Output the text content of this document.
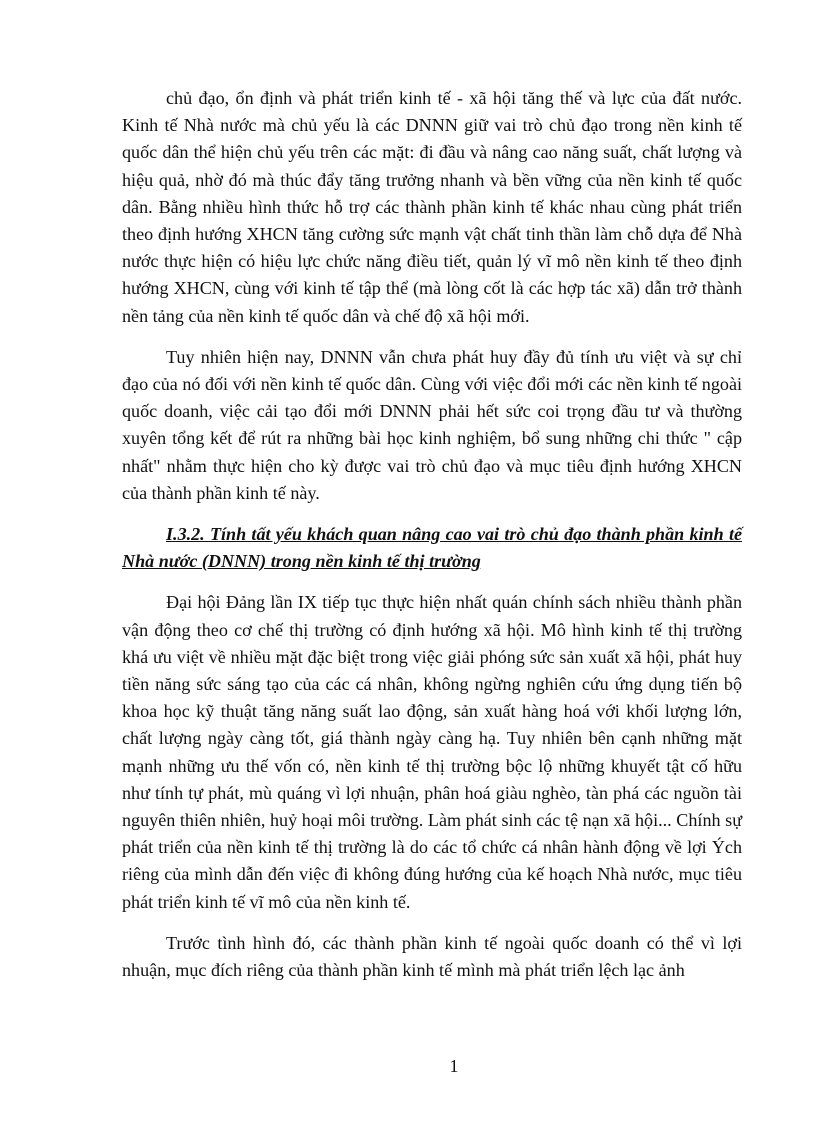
chủ đạo, ổn định và phát triển kinh tế - xã hội tăng thế và lực của đất nước. Kinh tế Nhà nước mà chủ yếu là các DNNN giữ vai trò chủ đạo trong nền kinh tế quốc dân thể hiện chủ yếu trên các mặt: đi đầu và nâng cao năng suất, chất lượng và hiệu quả, nhờ đó mà thúc đẩy tăng trưởng nhanh và bền vững của nền kinh tế quốc dân. Bằng nhiều hình thức hỗ trợ các thành phần kinh tế khác nhau cùng phát triển theo định hướng XHCN tăng cường sức mạnh vật chất tinh thần làm chỗ dựa để Nhà nước thực hiện có hiệu lực chức năng điều tiết, quản lý vĩ mô nền kinh tế theo định hướng XHCN, cùng với kinh tế tập thể (mà lòng cốt là các hợp tác xã) dẫn trở thành nền tảng của nền kinh tế quốc dân và chế độ xã hội mới.

Tuy nhiên hiện nay, DNNN vẫn chưa phát huy đầy đủ tính ưu việt và sự chỉ đạo của nó đối với nền kinh tế quốc dân. Cùng với việc đổi mới các nền kinh tế ngoài quốc doanh, việc cải tạo đổi mới DNNN phải hết sức coi trọng đầu tư và thường xuyên tổng kết để rút ra những bài học kinh nghiệm, bổ sung những chi thức " cập nhất" nhằm thực hiện cho kỳ được vai trò chủ đạo và mục tiêu định hướng XHCN của thành phần kinh tế này.

I.3.2. Tính tất yếu khách quan nâng cao vai trò chủ đạo thành phần kinh tế Nhà nước (DNNN) trong nền kinh tế thị trường

Đại hội Đảng lần IX tiếp tục thực hiện nhất quán chính sách nhiều thành phần vận động theo cơ chế thị trường có định hướng xã hội. Mô hình kinh tế thị trường khá ưu việt về nhiều mặt đặc biệt trong việc giải phóng sức sản xuất xã hội, phát huy tiền năng sức sáng tạo của các cá nhân, không ngừng nghiên cứu ứng dụng tiến bộ khoa học kỹ thuật tăng năng suất lao động, sản xuất hàng hoá với khối lượng lớn, chất lượng ngày càng tốt, giá thành ngày càng hạ. Tuy nhiên bên cạnh những mặt mạnh những ưu thế vốn có, nền kinh tế thị trường bộc lộ những khuyết tật cố hữu như tính tự phát, mù quáng vì lợi nhuận, phân hoá giàu nghèo, tàn phá các nguồn tài nguyên thiên nhiên, huỷ hoại môi trường. Làm phát sinh các tệ nạn xã hội... Chính sự phát triển của nền kinh tế thị trường là do các tổ chức cá nhân hành động về lợi Ých riêng của mình dẫn đến việc đi không đúng hướng của kế hoạch Nhà nước, mục tiêu phát triển kinh tế vĩ mô của nền kinh tế.

Trước tình hình đó, các thành phần kinh tế ngoài quốc doanh có thể vì lợi nhuận, mục đích riêng của thành phần kinh tế mình mà phát triển lệch lạc ảnh

1
